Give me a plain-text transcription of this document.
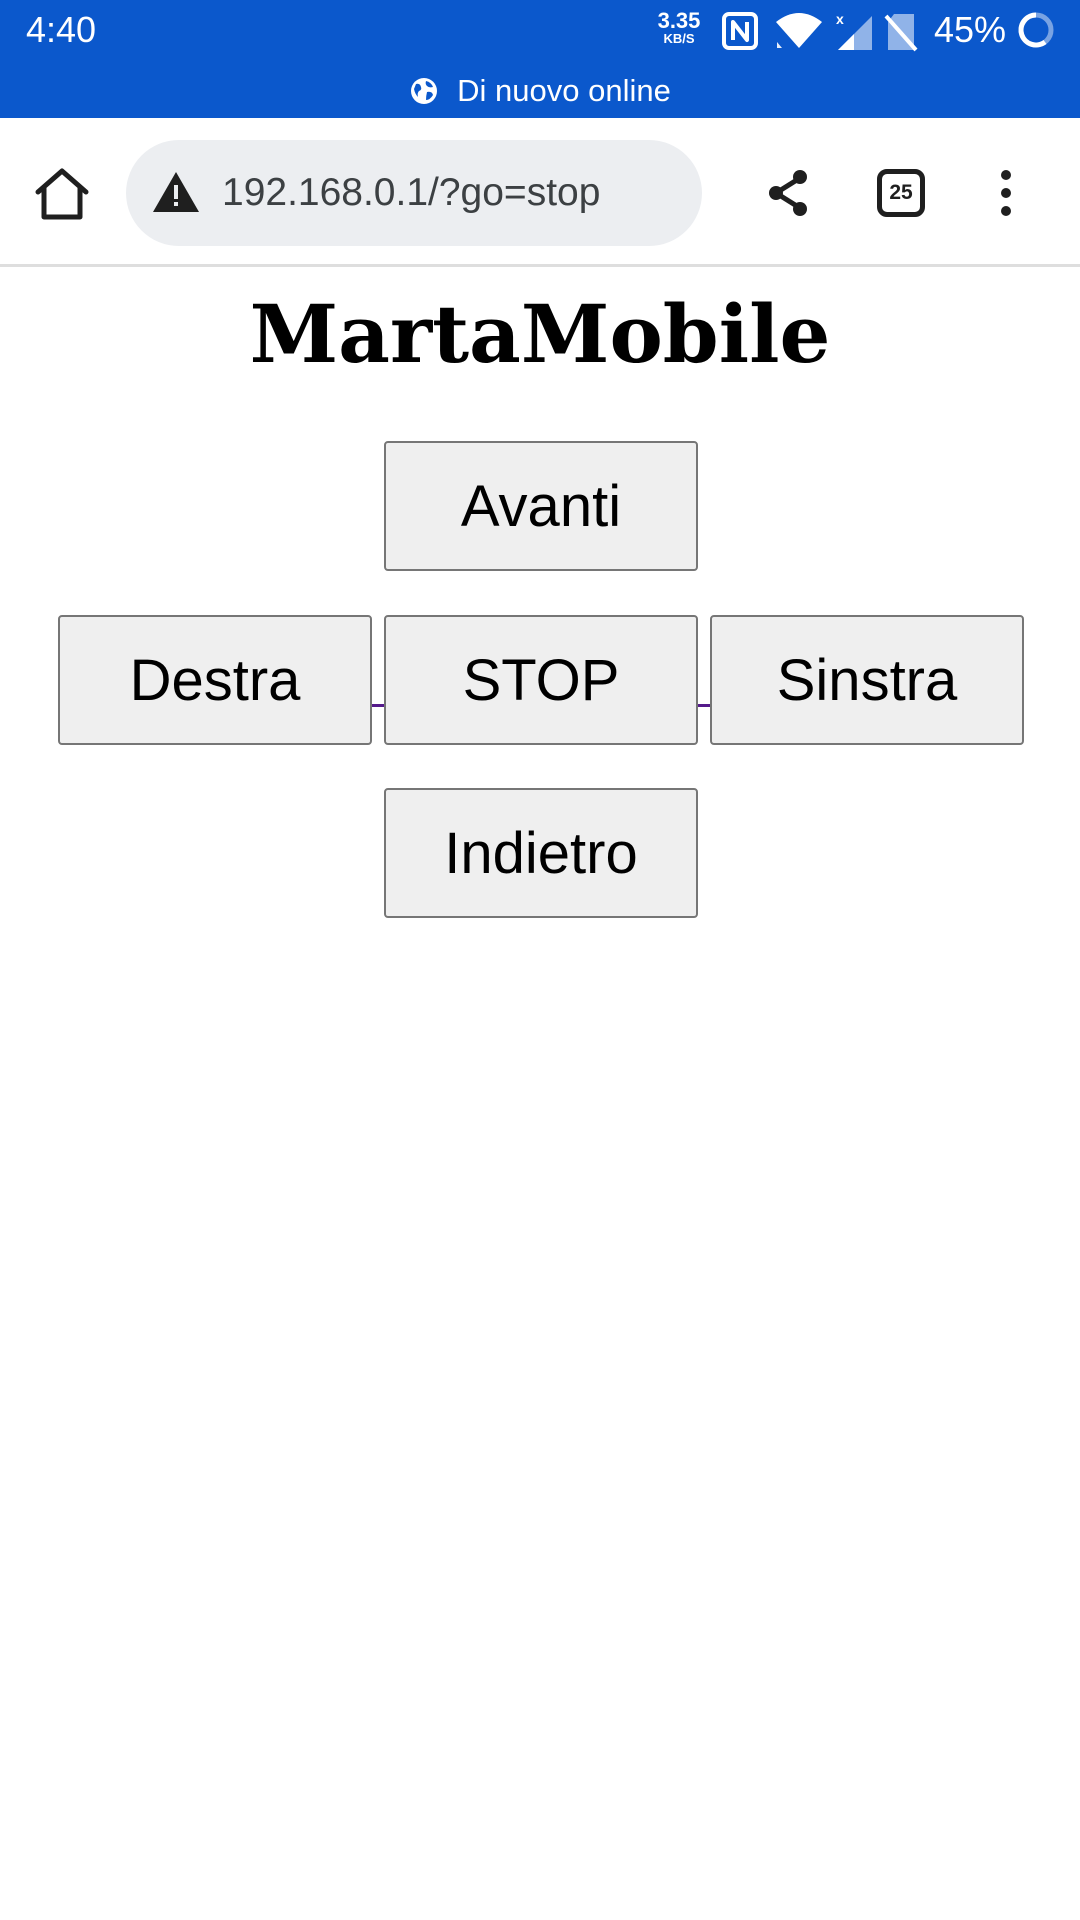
4:40	3.35
KB/S
x	45%
Di nuovo online
192.168.0.1/?go=stop	25
MartaMobile
Avanti
Destra	STOP	Sinstra
Indietro
